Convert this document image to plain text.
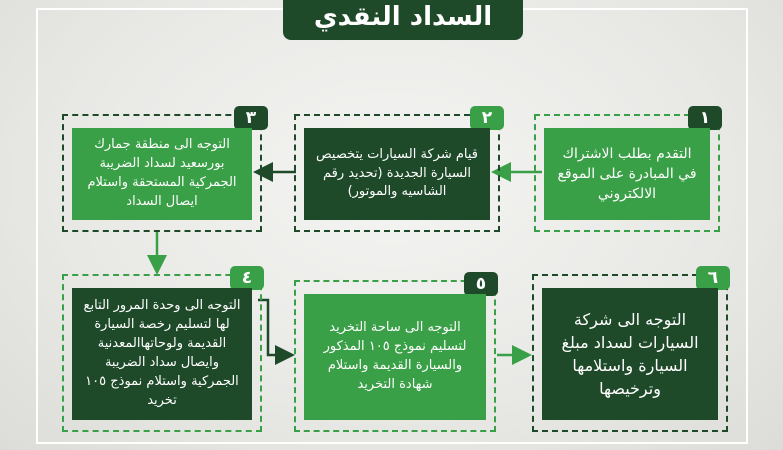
السداد النقدي
١
التقدم بطلب الاشتراك في المبادرة على الموقع الالكتروني
٢
قيام شركة السيارات يتخصيص السيارة الجديدة (تحديد رقم الشاسيه والموتور)
٣
التوجه الى منطقة جمارك بورسعيد لسداد الضريبة الجمركية المستحقة واستلام ايصال السداد
٤
التوجه الى وحدة المرور التابع لها لتسليم رخصة السيارة القديمة ولوحاتهاالمعدنية وايصال سداد الضريبة الجمركية واستلام نموذج ١٠٥ تخريد
٥
التوجه الى ساحة التخريد لتسليم نموذج ١٠٥ المذكور والسيارة القديمة واستلام شهادة التخريد
٦
التوجه الى شركة السيارات لسداد مبلغ السيارة واستلامها وترخيصها
